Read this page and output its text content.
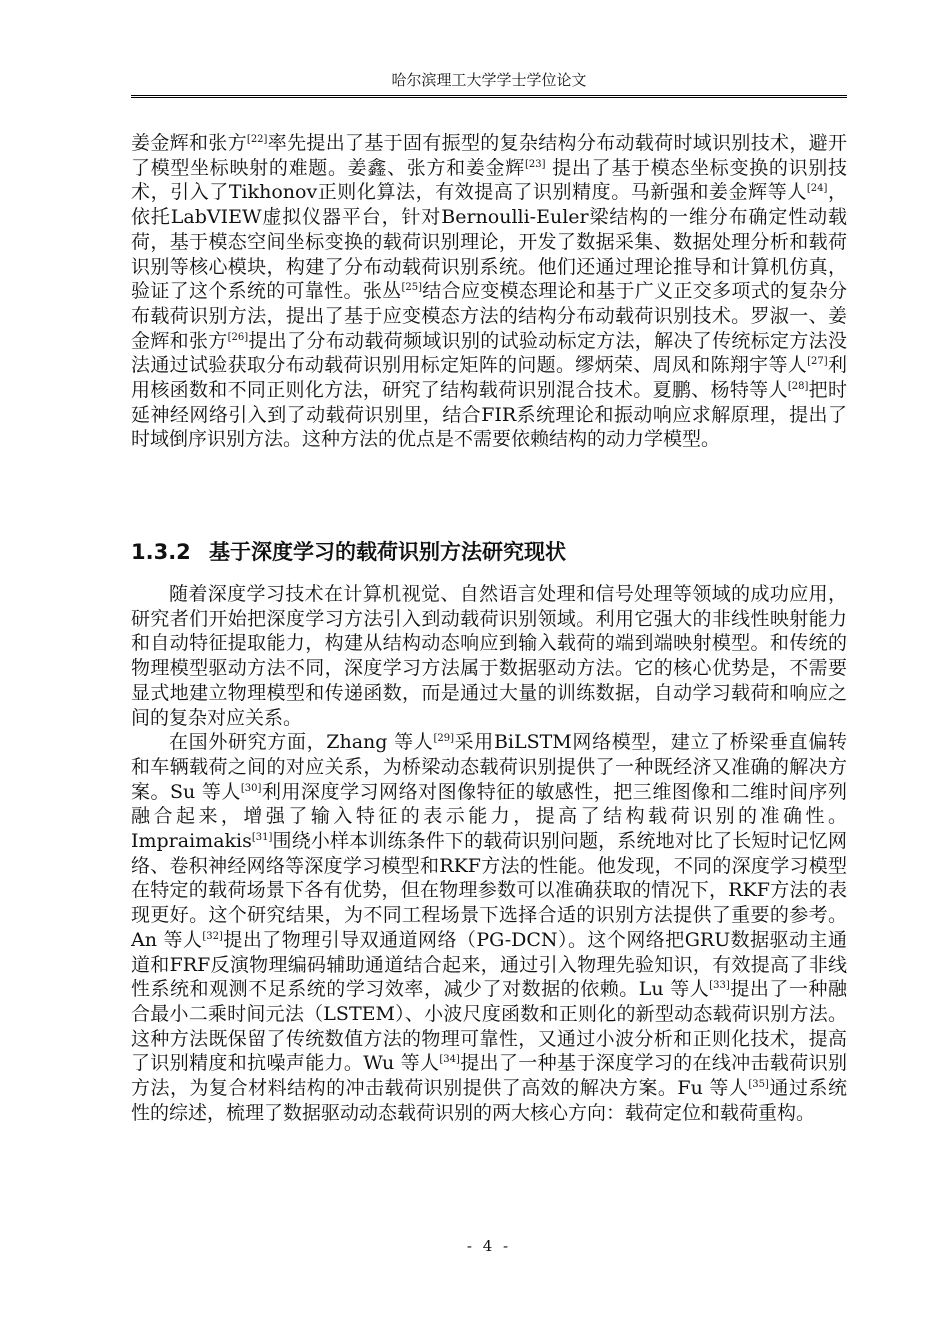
哈尔滨理工大学学士学位论文

姜金辉和张方[22]率先提出了基于固有振型的复杂结构分布动载荷时域识别技术，避开了模型坐标映射的难题。姜鑫、张方和姜金辉[23] 提出了基于模态坐标变换的识别技术，引入了Tikhonov正则化算法，有效提高了识别精度。马新强和姜金辉等人[24]，依托LabVIEW虚拟仪器平台，针对Bernoulli-Euler梁结构的一维分布确定性动载荷，基于模态空间坐标变换的载荷识别理论，开发了数据采集、数据处理分析和载荷识别等核心模块，构建了分布动载荷识别系统。他们还通过理论推导和计算机仿真，验证了这个系统的可靠性。张丛[25]结合应变模态理论和基于广义正交多项式的复杂分布载荷识别方法，提出了基于应变模态方法的结构分布动载荷识别技术。罗淑一、姜金辉和张方[26]提出了分布动载荷频域识别的试验动标定方法，解决了传统标定方法没法通过试验获取分布动载荷识别用标定矩阵的问题。缪炳荣、周凤和陈翔宇等人[27]利用核函数和不同正则化方法，研究了结构载荷识别混合技术。夏鹏、杨特等人[28]把时延神经网络引入到了动载荷识别里，结合FIR系统理论和振动响应求解原理，提出了时域倒序识别方法。这种方法的优点是不需要依赖结构的动力学模型。

1.3.2 基于深度学习的载荷识别方法研究现状

随着深度学习技术在计算机视觉、自然语言处理和信号处理等领域的成功应用，研究者们开始把深度学习方法引入到动载荷识别领域。利用它强大的非线性映射能力和自动特征提取能力，构建从结构动态响应到输入载荷的端到端映射模型。和传统的物理模型驱动方法不同，深度学习方法属于数据驱动方法。它的核心优势是，不需要显式地建立物理模型和传递函数，而是通过大量的训练数据，自动学习载荷和响应之间的复杂对应关系。

在国外研究方面，Zhang 等人[29]采用BiLSTM网络模型，建立了桥梁垂直偏转和车辆载荷之间的对应关系，为桥梁动态载荷识别提供了一种既经济又准确的解决方案。Su 等人[30]利用深度学习网络对图像特征的敏感性，把三维图像和二维时间序列融合起来，增强了输入特征的表示能力，提高了结构载荷识别的准确性。Impraimakis[31]围绕小样本训练条件下的载荷识别问题，系统地对比了长短时记忆网络、卷积神经网络等深度学习模型和RKF方法的性能。他发现，不同的深度学习模型在特定的载荷场景下各有优势，但在物理参数可以准确获取的情况下，RKF方法的表现更好。这个研究结果，为不同工程场景下选择合适的识别方法提供了重要的参考。An 等人[32]提出了物理引导双通道网络（PG-DCN）。这个网络把GRU数据驱动主通道和FRF反演物理编码辅助通道结合起来，通过引入物理先验知识，有效提高了非线性系统和观测不足系统的学习效率，减少了对数据的依赖。Lu 等人[33]提出了一种融合最小二乘时间元法（LSTEM）、小波尺度函数和正则化的新型动态载荷识别方法。这种方法既保留了传统数值方法的物理可靠性，又通过小波分析和正则化技术，提高了识别精度和抗噪声能力。Wu 等人[34]提出了一种基于深度学习的在线冲击载荷识别方法，为复合材料结构的冲击载荷识别提供了高效的解决方案。Fu 等人[35]通过系统性的综述，梳理了数据驱动动态载荷识别的两大核心方向：载荷定位和载荷重构。

- 4 -
